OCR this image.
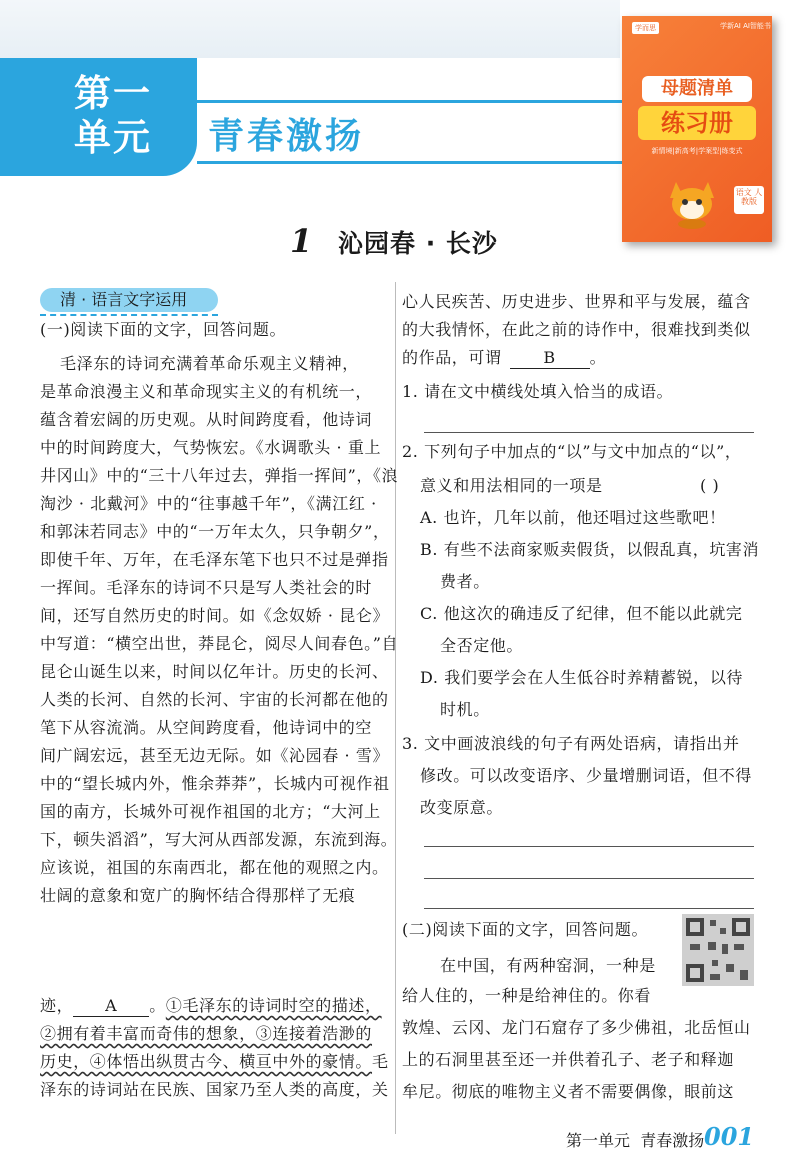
第一
单元	青春激扬
学而思	学新AI AI智能书
母题清单
练习册
新情境|新高考|学案型|练变式
语文 人教版
1 沁园春 · 长沙
清 · 语言文字运用
(一)阅读下面的文字，回答问题。
毛泽东的诗词充满着革命乐观主义精神，
是革命浪漫主义和革命现实主义的有机统一，
蕴含着宏阔的历史观。从时间跨度看，他诗词
中的时间跨度大，气势恢宏。《水调歌头 · 重上
井冈山》中的“三十八年过去，弹指一挥间”，《浪
淘沙 · 北戴河》中的“往事越千年”，《满江红 ·
和郭沫若同志》中的“一万年太久，只争朝夕”，
即使千年、万年，在毛泽东笔下也只不过是弹指
一挥间。毛泽东的诗词不只是写人类社会的时
间，还写自然历史的时间。如《念奴娇 · 昆仑》
中写道：“横空出世，莽昆仑，阅尽人间春色。”自
昆仑山诞生以来，时间以亿年计。历史的长河、
人类的长河、自然的长河、宇宙的长河都在他的
笔下从容流淌。从空间跨度看，他诗词中的空
间广阔宏远，甚至无边无际。如《沁园春 · 雪》
中的“望长城内外，惟余莽莽”，长城内可视作祖
国的南方，长城外可视作祖国的北方；“大河上
下，顿失滔滔”，写大河从西部发源，东流到海。
应该说，祖国的东南西北，都在他的观照之内。
壮阔的意象和宽广的胸怀结合得那样了无痕
迹， A 。①毛泽东的诗词时空的描述，
②拥有着丰富而奇伟的想象，③连接着浩渺的
历史，④体悟出纵贯古今、横亘中外的豪情。毛
泽东的诗词站在民族、国家乃至人类的高度，关
心人民疾苦、历史进步、世界和平与发展，蕴含
的大我情怀，在此之前的诗作中，很难找到类似
的作品，可谓	B 。
1. 请在文中横线处填入恰当的成语。
2. 下列句子中加点的“以”与文中加点的“以”，
意义和用法相同的一项是	( )
A. 也许，几年以前，他还唱过这些歌吧！
B. 有些不法商家贩卖假货，以假乱真，坑害消
费者。
C. 他这次的确违反了纪律，但不能以此就完
全否定他。
D. 我们要学会在人生低谷时养精蓄锐，以待
时机。
3. 文中画波浪线的句子有两处语病，请指出并
修改。可以改变语序、少量增删词语，但不得
改变原意。
(二)阅读下面的文字，回答问题。
在中国，有两种窑洞，一种是
给人住的，一种是给神住的。你看
敦煌、云冈、龙门石窟存了多少佛祖，北岳恒山
上的石洞里甚至还一并供着孔子、老子和释迦
牟尼。彻底的唯物主义者不需要偶像，眼前这
第一单元 青春激扬 001
